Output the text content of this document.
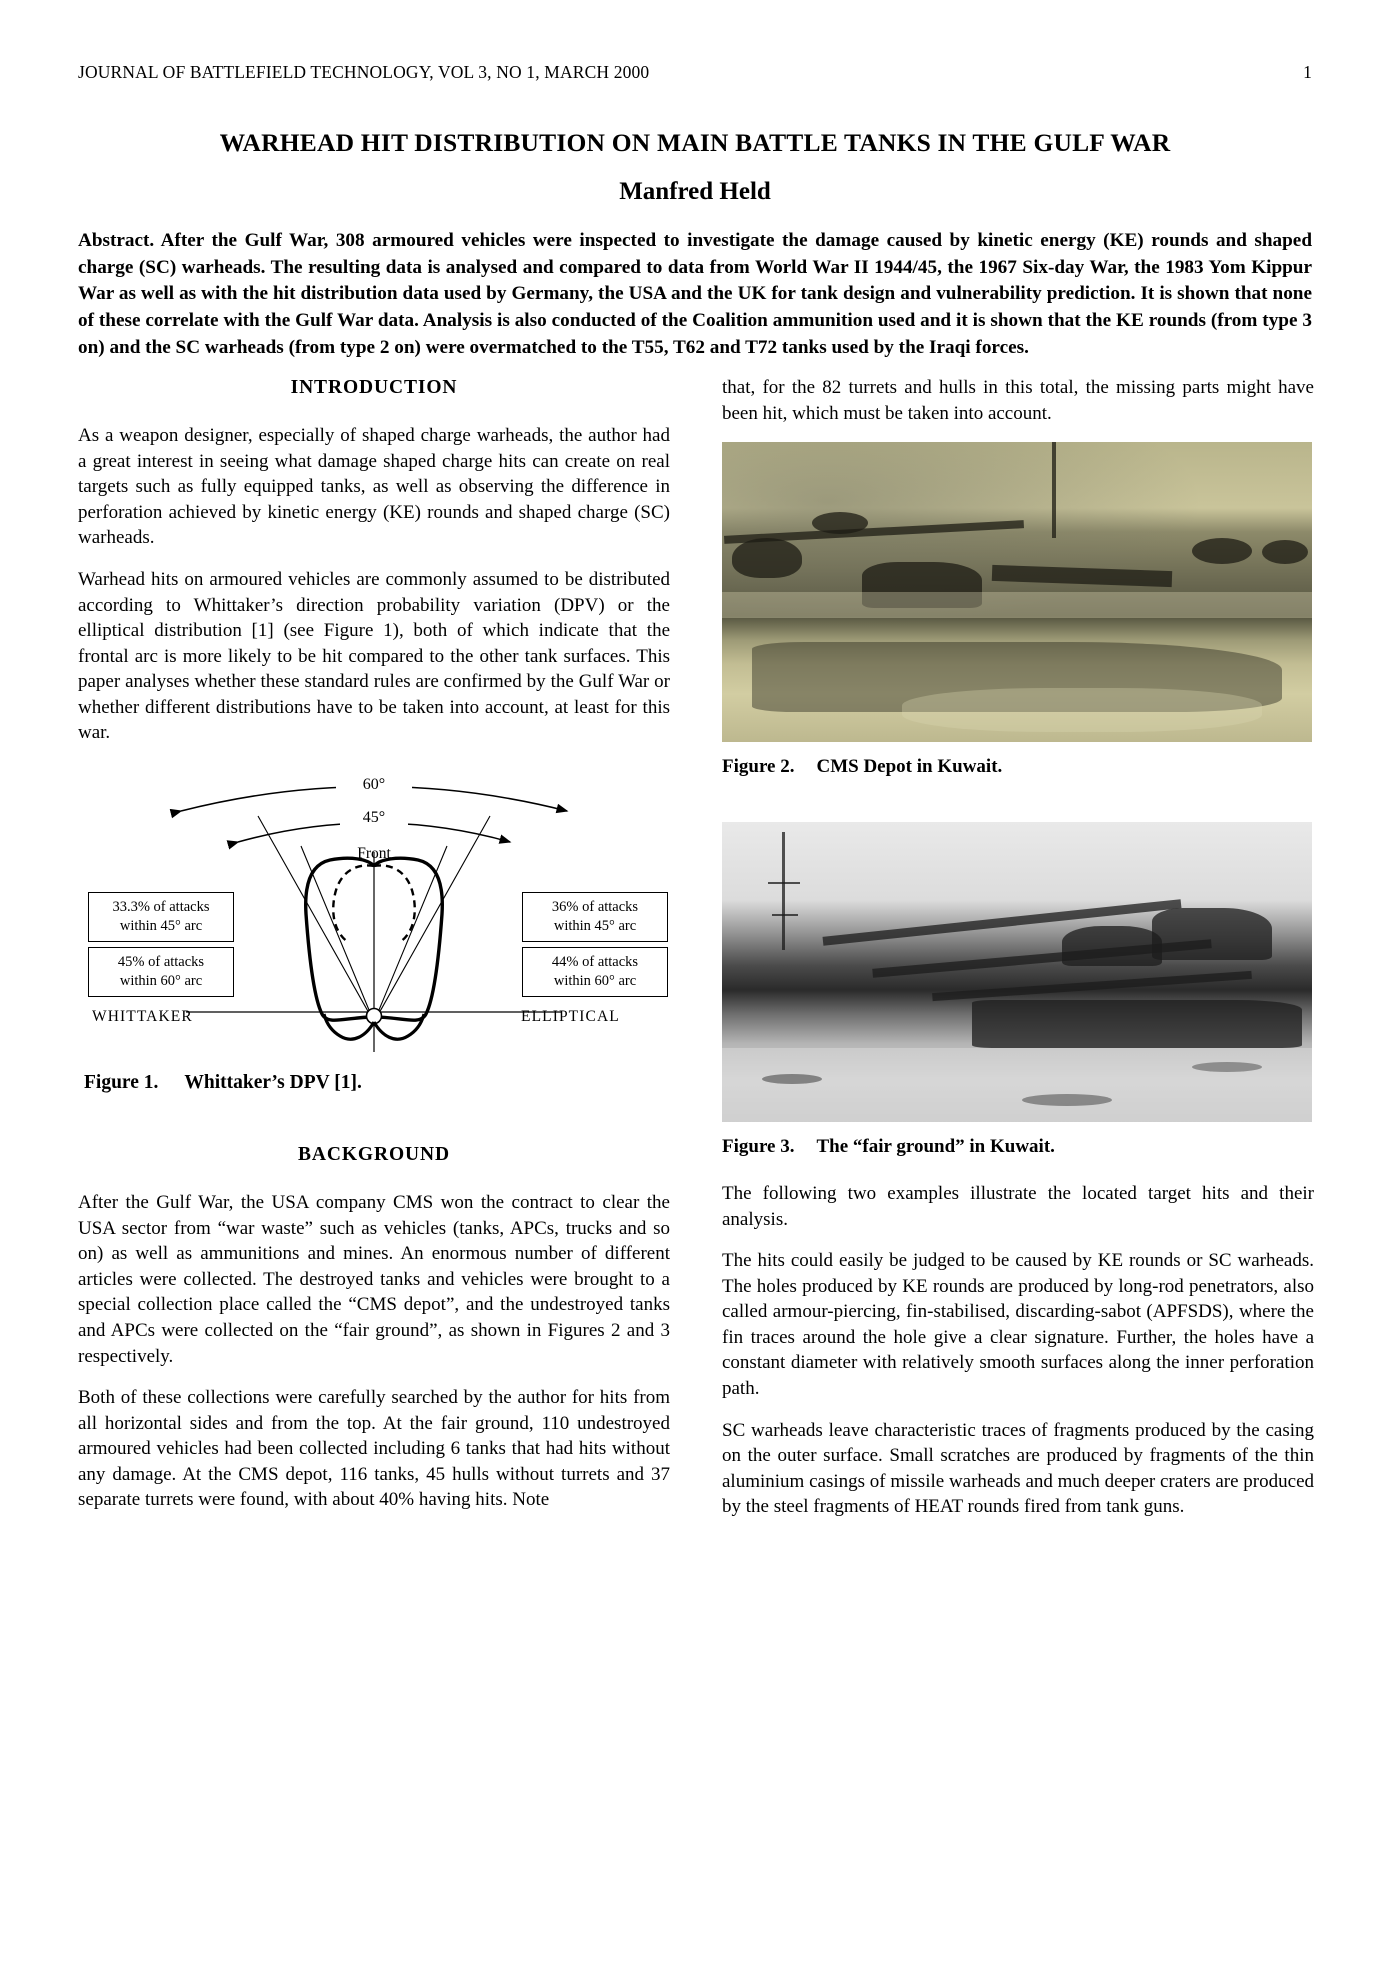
JOURNAL OF BATTLEFIELD TECHNOLOGY, VOL 3, NO 1, MARCH 2000	1
WARHEAD HIT DISTRIBUTION ON MAIN BATTLE TANKS IN THE GULF WAR
Manfred Held
Abstract. After the Gulf War, 308 armoured vehicles were inspected to investigate the damage caused by kinetic energy (KE) rounds and shaped charge (SC) warheads. The resulting data is analysed and compared to data from World War II 1944/45, the 1967 Six-day War, the 1983 Yom Kippur War as well as with the hit distribution data used by Germany, the USA and the UK for tank design and vulnerability prediction. It is shown that none of these correlate with the Gulf War data. Analysis is also conducted of the Coalition ammunition used and it is shown that the KE rounds (from type 3 on) and the SC warheads (from type 2 on) were overmatched to the T55, T62 and T72 tanks used by the Iraqi forces.
INTRODUCTION

As a weapon designer, especially of shaped charge warheads, the author had a great interest in seeing what damage shaped charge hits can create on real targets such as fully equipped tanks, as well as observing the difference in perforation achieved by kinetic energy (KE) rounds and shaped charge (SC) warheads.

Warhead hits on armoured vehicles are commonly assumed to be distributed according to Whittaker’s direction probability variation (DPV) or the elliptical distribution [1] (see Figure 1), both of which indicate that the frontal arc is more likely to be hit compared to the other tank surfaces. This paper analyses whether these standard rules are confirmed by the Gulf War or whether different distributions have to be taken into account, at least for this war.

60°
45°
Front
33.3% of attacks
within 45° arc
45% of attacks
within 60° arc
WHITTAKER
36% of attacks
within 45° arc
44% of attacks
within 60° arc
ELLIPTICAL
Figure 1. Whittaker’s DPV [1].
BACKGROUND

After the Gulf War, the USA company CMS won the contract to clear the USA sector from “war waste” such as vehicles (tanks, APCs, trucks and so on) as well as ammunitions and mines. An enormous number of different articles were collected. The destroyed tanks and vehicles were brought to a special collection place called the “CMS depot”, and the undestroyed tanks and APCs were collected on the “fair ground”, as shown in Figures 2 and 3 respectively.

Both of these collections were carefully searched by the author for hits from all horizontal sides and from the top. At the fair ground, 110 undestroyed armoured vehicles had been collected including 6 tanks that had hits without any damage. At the CMS depot, 116 tanks, 45 hulls without turrets and 37 separate turrets were found, with about 40% having hits. Note

that, for the 82 turrets and hulls in this total, the missing parts might have been hit, which must be taken into account.

Figure 2. CMS Depot in Kuwait.
Figure 3. The “fair ground” in Kuwait.

The following two examples illustrate the located target hits and their analysis.

The hits could easily be judged to be caused by KE rounds or SC warheads. The holes produced by KE rounds are produced by long-rod penetrators, also called armour-piercing, fin-stabilised, discarding-sabot (APFSDS), where the fin traces around the hole give a clear signature. Further, the holes have a constant diameter with relatively smooth surfaces along the inner perforation path.

SC warheads leave characteristic traces of fragments produced by the casing on the outer surface. Small scratches are produced by fragments of the thin aluminium casings of missile warheads and much deeper craters are produced by the steel fragments of HEAT rounds fired from tank guns.
